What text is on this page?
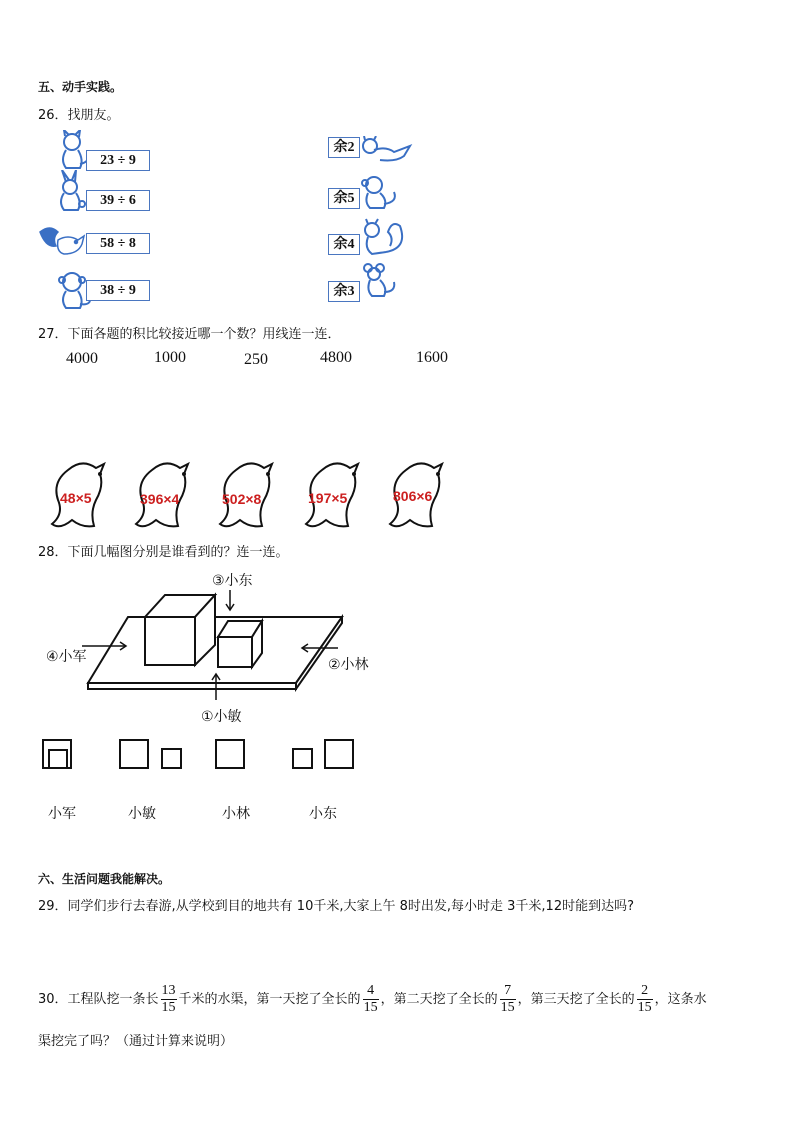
五、动手实践。
26．找朋友。
23 ÷ 9
39 ÷ 6
58 ÷ 8
38 ÷ 9
余2
余5
余4
余3
27．下面各题的积比较接近哪一个数？用线连一连．
4000	1000	250	4800	1600
48×5	396×4	502×8	197×5	806×6
28．下面几幅图分别是谁看到的？连一连。
③小东
④小军	②小林
①小敏
小军	小敏	小林	小东
六、生活问题我能解决。
29．同学们步行去春游,从学校到目的地共有 10千米,大家上午 8时出发,每小时走 3千米,12时能到达吗?
30．工程队挖一条长 $\frac{13}{15}$ 千米的水渠，第一天挖了全长的 $\frac{4}{15}$ ，第二天挖了全长的 $\frac{7}{15}$ ，第三天挖了全长的 $\frac{2}{15}$ ，这条水
渠挖完了吗？（通过计算来说明）
